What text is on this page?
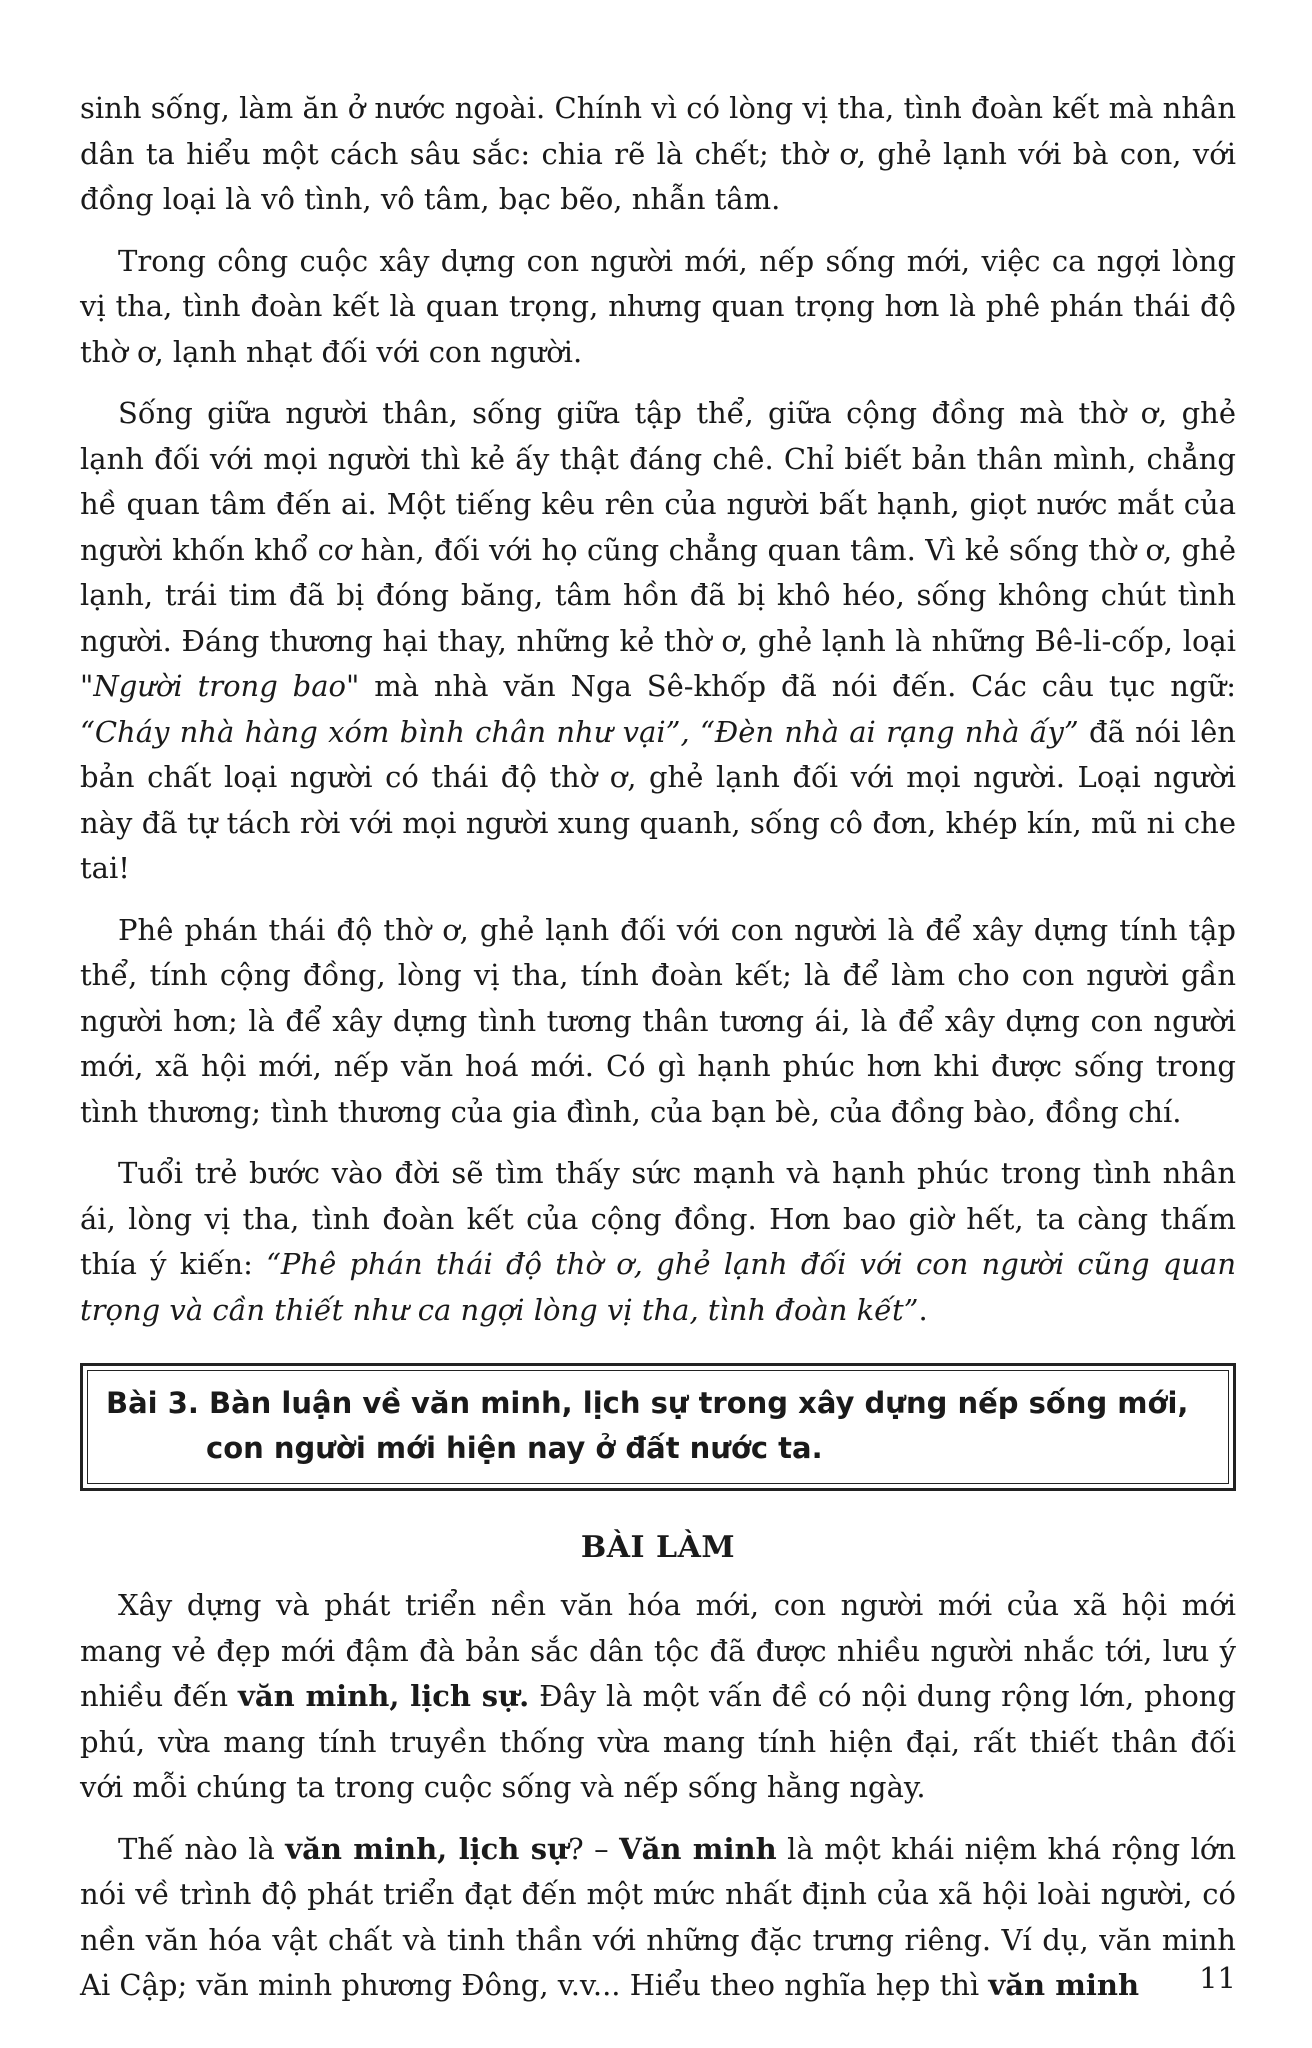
sinh sống, làm ăn ở nước ngoài. Chính vì có lòng vị tha, tình đoàn kết mà nhân dân ta hiểu một cách sâu sắc: chia rẽ là chết; thờ ơ, ghẻ lạnh với bà con, với đồng loại là vô tình, vô tâm, bạc bẽo, nhẫn tâm.

Trong công cuộc xây dựng con người mới, nếp sống mới, việc ca ngợi lòng vị tha, tình đoàn kết là quan trọng, nhưng quan trọng hơn là phê phán thái độ thờ ơ, lạnh nhạt đối với con người.

Sống giữa người thân, sống giữa tập thể, giữa cộng đồng mà thờ ơ, ghẻ lạnh đối với mọi người thì kẻ ấy thật đáng chê. Chỉ biết bản thân mình, chẳng hề quan tâm đến ai. Một tiếng kêu rên của người bất hạnh, giọt nước mắt của người khốn khổ cơ hàn, đối với họ cũng chẳng quan tâm. Vì kẻ sống thờ ơ, ghẻ lạnh, trái tim đã bị đóng băng, tâm hồn đã bị khô héo, sống không chút tình người. Đáng thương hại thay, những kẻ thờ ơ, ghẻ lạnh là những Bê-li-cốp, loại "Người trong bao" mà nhà văn Nga Sê-khốp đã nói đến. Các câu tục ngữ: “Cháy nhà hàng xóm bình chân như vại”, “Đèn nhà ai rạng nhà ấy” đã nói lên bản chất loại người có thái độ thờ ơ, ghẻ lạnh đối với mọi người. Loại người này đã tự tách rời với mọi người xung quanh, sống cô đơn, khép kín, mũ ni che tai!

Phê phán thái độ thờ ơ, ghẻ lạnh đối với con người là để xây dựng tính tập thể, tính cộng đồng, lòng vị tha, tính đoàn kết; là để làm cho con người gần người hơn; là để xây dựng tình tương thân tương ái, là để xây dựng con người mới, xã hội mới, nếp văn hoá mới. Có gì hạnh phúc hơn khi được sống trong tình thương; tình thương của gia đình, của bạn bè, của đồng bào, đồng chí.

Tuổi trẻ bước vào đời sẽ tìm thấy sức mạnh và hạnh phúc trong tình nhân ái, lòng vị tha, tình đoàn kết của cộng đồng. Hơn bao giờ hết, ta càng thấm thía ý kiến: “Phê phán thái độ thờ ơ, ghẻ lạnh đối với con người cũng quan trọng và cần thiết như ca ngợi lòng vị tha, tình đoàn kết”.

Bài 3. Bàn luận về văn minh, lịch sự trong xây dựng nếp sống mới, con người mới hiện nay ở đất nước ta.

BÀI LÀM

Xây dựng và phát triển nền văn hóa mới, con người mới của xã hội mới mang vẻ đẹp mới đậm đà bản sắc dân tộc đã được nhiều người nhắc tới, lưu ý nhiều đến văn minh, lịch sự. Đây là một vấn đề có nội dung rộng lớn, phong phú, vừa mang tính truyền thống vừa mang tính hiện đại, rất thiết thân đối với mỗi chúng ta trong cuộc sống và nếp sống hằng ngày.

Thế nào là văn minh, lịch sự? – Văn minh là một khái niệm khá rộng lớn nói về trình độ phát triển đạt đến một mức nhất định của xã hội loài người, có nền văn hóa vật chất và tinh thần với những đặc trưng riêng. Ví dụ, văn minh Ai Cập; văn minh phương Đông, v.v... Hiểu theo nghĩa hẹp thì văn minh	11
